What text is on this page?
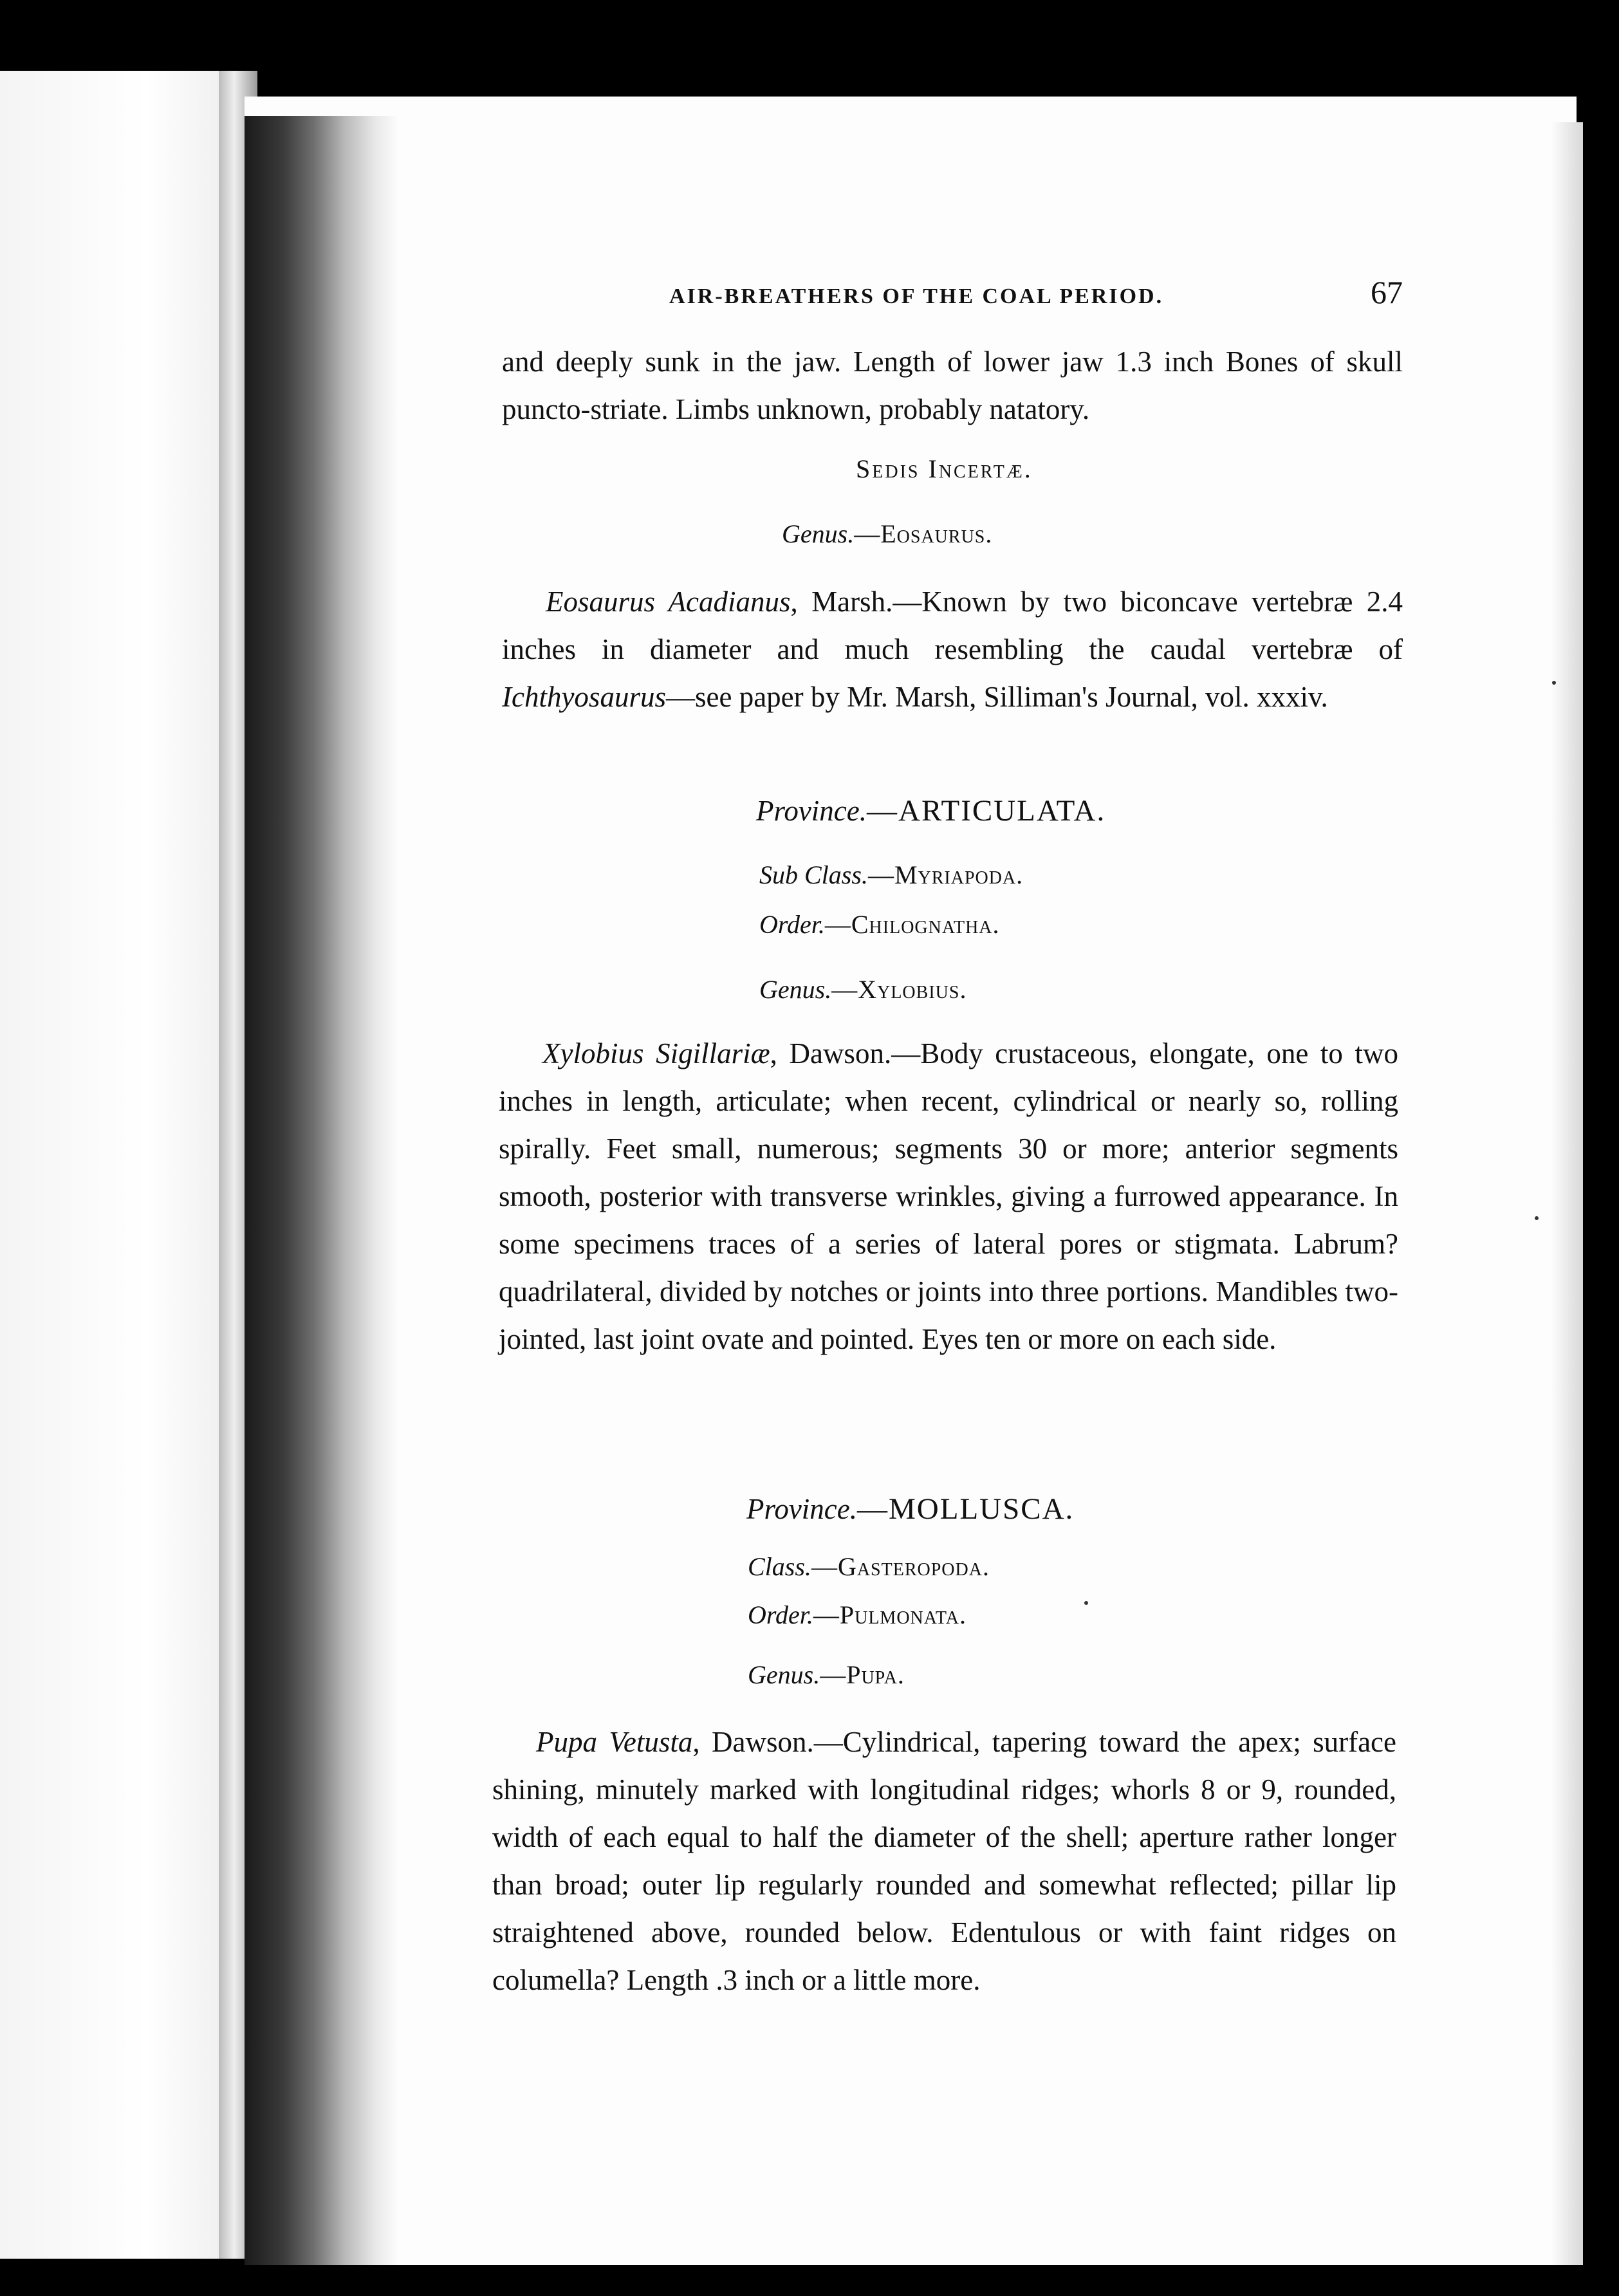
AIR-BREATHERS OF THE COAL PERIOD.	67

and deeply sunk in the jaw. Length of lower jaw 1.3 inch Bones of skull puncto-striate. Limbs unknown, probably natatory.

Sedis Incertæ.
Genus.—Eosaurus.

Eosaurus Acadianus, Marsh.—Known by two biconcave vertebræ 2.4 inches in diameter and much resembling the caudal vertebræ of Ichthyosaurus—see paper by Mr. Marsh, Silliman's Journal, vol. xxxiv.

Province.—ARTICULATA.
Sub Class.—Myriapoda.
Order.—Chilognatha.
Genus.—Xylobius.

Xylobius Sigillariæ, Dawson.—Body crustaceous, elongate, one to two inches in length, articulate; when recent, cylindrical or nearly so, rolling spirally. Feet small, numerous; segments 30 or more; anterior segments smooth, posterior with transverse wrinkles, giving a furrowed appearance. In some specimens traces of a series of lateral pores or stigmata. Labrum? quadrilateral, divided by notches or joints into three portions. Mandibles two-jointed, last joint ovate and pointed. Eyes ten or more on each side.

Province.—MOLLUSCA.
Class.—Gasteropoda.
Order.—Pulmonata.
Genus.—Pupa.

Pupa Vetusta, Dawson.—Cylindrical, tapering toward the apex; surface shining, minutely marked with longitudinal ridges; whorls 8 or 9, rounded, width of each equal to half the diameter of the shell; aperture rather longer than broad; outer lip regularly rounded and somewhat reflected; pillar lip straightened above, rounded below. Edentulous or with faint ridges on columella? Length .3 inch or a little more.
